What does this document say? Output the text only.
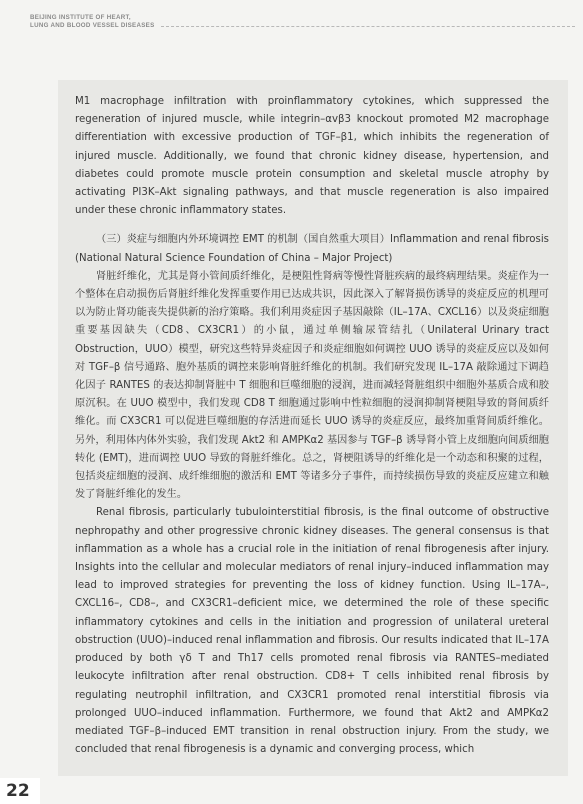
BEIJING INSTITUTE OF HEART,
LUNG AND BLOOD VESSEL DISEASES

M1 macrophage infiltration with proinflammatory cytokines, which suppressed the regeneration of injured muscle, while integrin–αvβ3 knockout promoted M2 macrophage differentiation with excessive production of TGF–β1, which inhibits the regeneration of injured muscle. Additionally, we found that chronic kidney disease, hypertension, and diabetes could promote muscle protein consumption and skeletal muscle atrophy by activating PI3K–Akt signaling pathways, and that muscle regeneration is also impaired under these chronic inflammatory states.

（三）炎症与细胞内外环境调控 EMT 的机制（国自然重大项目）Inflammation and renal fibrosis (National Natural Science Foundation of China – Major Project)

肾脏纤维化，尤其是肾小管间质纤维化，是梗阻性肾病等慢性肾脏疾病的最终病理结果。炎症作为一个整体在启动损伤后肾脏纤维化发挥重要作用已达成共识，因此深入了解肾损伤诱导的炎症反应的机理可以为防止肾功能丧失提供新的治疗策略。我们利用炎症因子基因敲除（IL–17A、CXCL16）以及炎症细胞重要基因缺失（CD8、CX3CR1）的小鼠，通过单侧输尿管结扎（Unilateral Urinary tract Obstruction，UUO）模型，研究这些特异炎症因子和炎症细胞如何调控 UUO 诱导的炎症反应以及如何对 TGF–β 信号通路、胞外基质的调控来影响肾脏纤维化的机制。我们研究发现 IL–17A 敲除通过下调趋化因子 RANTES 的表达抑制肾脏中 T 细胞和巨噬细胞的浸润，进而减轻肾脏组织中细胞外基质合成和胶原沉积。在 UUO 模型中，我们发现 CD8 T 细胞通过影响中性粒细胞的浸润抑制肾梗阻导致的肾间质纤维化。而 CX3CR1 可以促进巨噬细胞的存活进而延长 UUO 诱导的炎症反应，最终加重肾间质纤维化。另外，利用体内体外实验，我们发现 Akt2 和 AMPKα2 基因参与 TGF–β 诱导肾小管上皮细胞向间质细胞转化 (EMT)，进而调控 UUO 导致的肾脏纤维化。总之，肾梗阻诱导的纤维化是一个动态和积聚的过程，包括炎症细胞的浸润、成纤维细胞的激活和 EMT 等诸多分子事件，而持续损伤导致的炎症反应建立和触发了肾脏纤维化的发生。

Renal fibrosis, particularly tubulointerstitial fibrosis, is the final outcome of obstructive nephropathy and other progressive chronic kidney diseases. The general consensus is that inflammation as a whole has a crucial role in the initiation of renal fibrogenesis after injury. Insights into the cellular and molecular mediators of renal injury–induced inflammation may lead to improved strategies for preventing the loss of kidney function. Using IL–17A–, CXCL16–, CD8–, and CX3CR1–deficient mice, we determined the role of these specific inflammatory cytokines and cells in the initiation and progression of unilateral ureteral obstruction (UUO)–induced renal inflammation and fibrosis. Our results indicated that IL–17A produced by both γδ T and Th17 cells promoted renal fibrosis via RANTES–mediated leukocyte infiltration after renal obstruction. CD8+ T cells inhibited renal fibrosis by regulating neutrophil infiltration, and CX3CR1 promoted renal interstitial fibrosis via prolonged UUO–induced inflammation. Furthermore, we found that Akt2 and AMPKα2 mediated TGF–β–induced EMT transition in renal obstruction injury. From the study, we concluded that renal fibrogenesis is a dynamic and converging process, which

22
